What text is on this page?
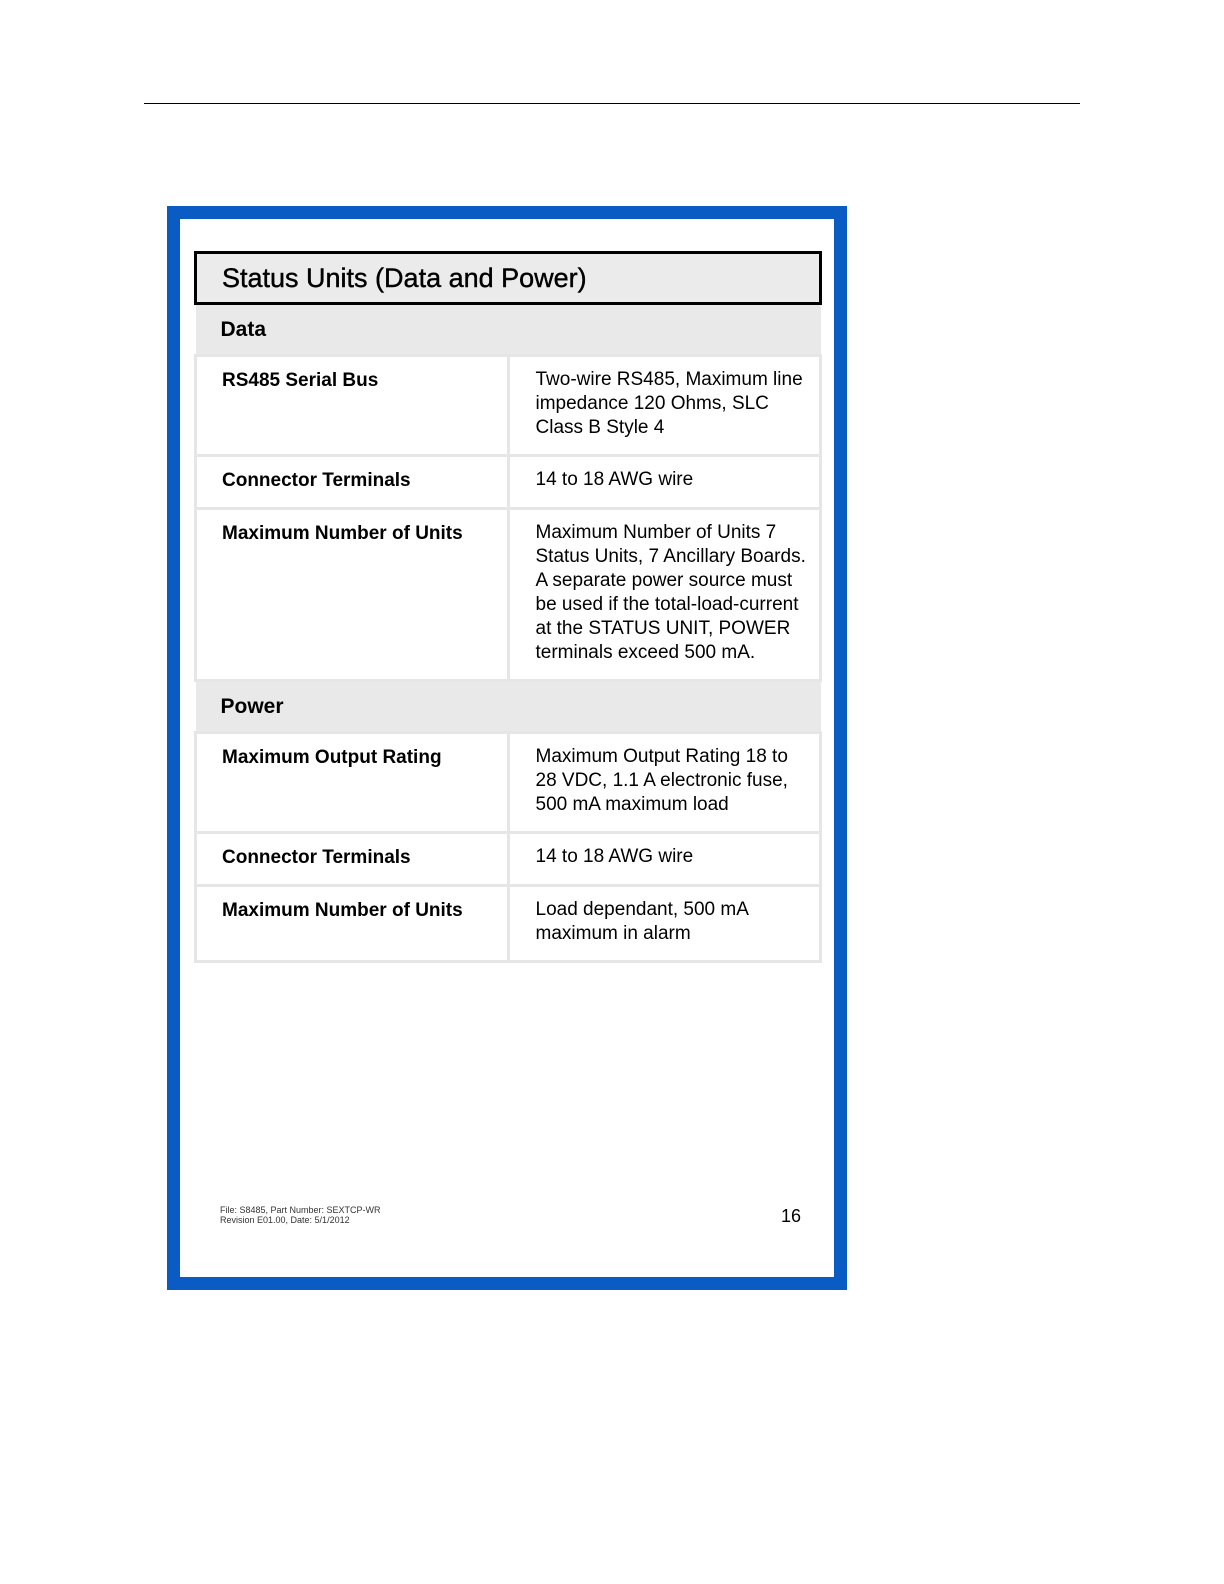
Status Units (Data and Power)
Data	
RS485 Serial Bus	Two-wire RS485, Maximum line impedance 120 Ohms, SLC Class B Style 4
Connector Terminals	14 to 18 AWG wire
Maximum Number of Units	Maximum Number of Units 7 Status Units, 7 Ancillary Boards. A separate power source must be used if the total-load-current at the STATUS UNIT, POWER terminals exceed 500 mA.
Power	
Maximum Output Rating	Maximum Output Rating 18 to 28 VDC, 1.1 A electronic fuse, 500 mA maximum load
Connector Terminals	14 to 18 AWG wire
Maximum Number of Units	Load dependant, 500 mA maximum in alarm
File: S8485, Part Number: SEXTCP-WR
Revision E01.00, Date: 5/1/2012	16
